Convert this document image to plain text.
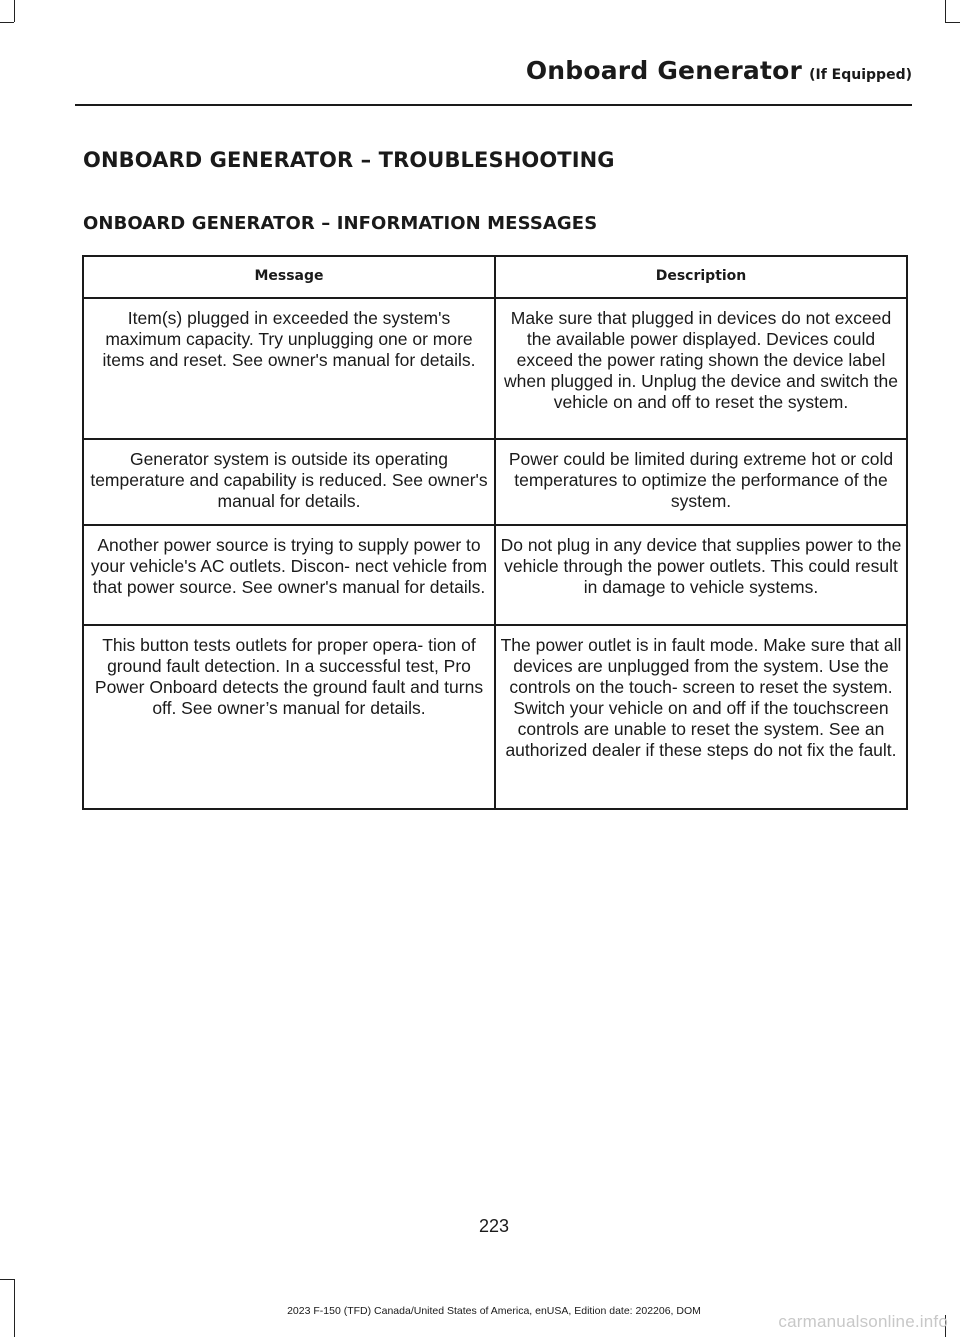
Onboard Generator (If Equipped)
ONBOARD GENERATOR – TROUBLESHOOTING
ONBOARD GENERATOR – INFORMATION MESSAGES
Message	Description
Item(s) plugged in exceeded the system's maximum capacity. Try unplugging one or more items and reset. See owner's manual for details.	Make sure that plugged in devices do not exceed the available power displayed. Devices could exceed the power rating shown the device label when plugged in. Unplug the device and switch the vehicle on and off to reset the system.
Generator system is outside its operating temperature and capability is reduced. See owner's manual for details.	Power could be limited during extreme hot or cold temperatures to optimize the performance of the system.
Another power source is trying to supply power to your vehicle's AC outlets. Discon- nect vehicle from that power source. See owner's manual for details.	Do not plug in any device that supplies power to the vehicle through the power outlets. This could result in damage to vehicle systems.
This button tests outlets for proper opera- tion of ground fault detection. In a successful test, Pro Power Onboard detects the ground fault and turns off. See owner’s manual for details.	The power outlet is in fault mode. Make sure that all devices are unplugged from the system. Use the controls on the touch- screen to reset the system. Switch your vehicle on and off if the touchscreen controls are unable to reset the system. See an authorized dealer if these steps do not fix the fault.
223
2023 F-150 (TFD) Canada/United States of America, enUSA, Edition date: 202206, DOM
carmanualsonline.info
